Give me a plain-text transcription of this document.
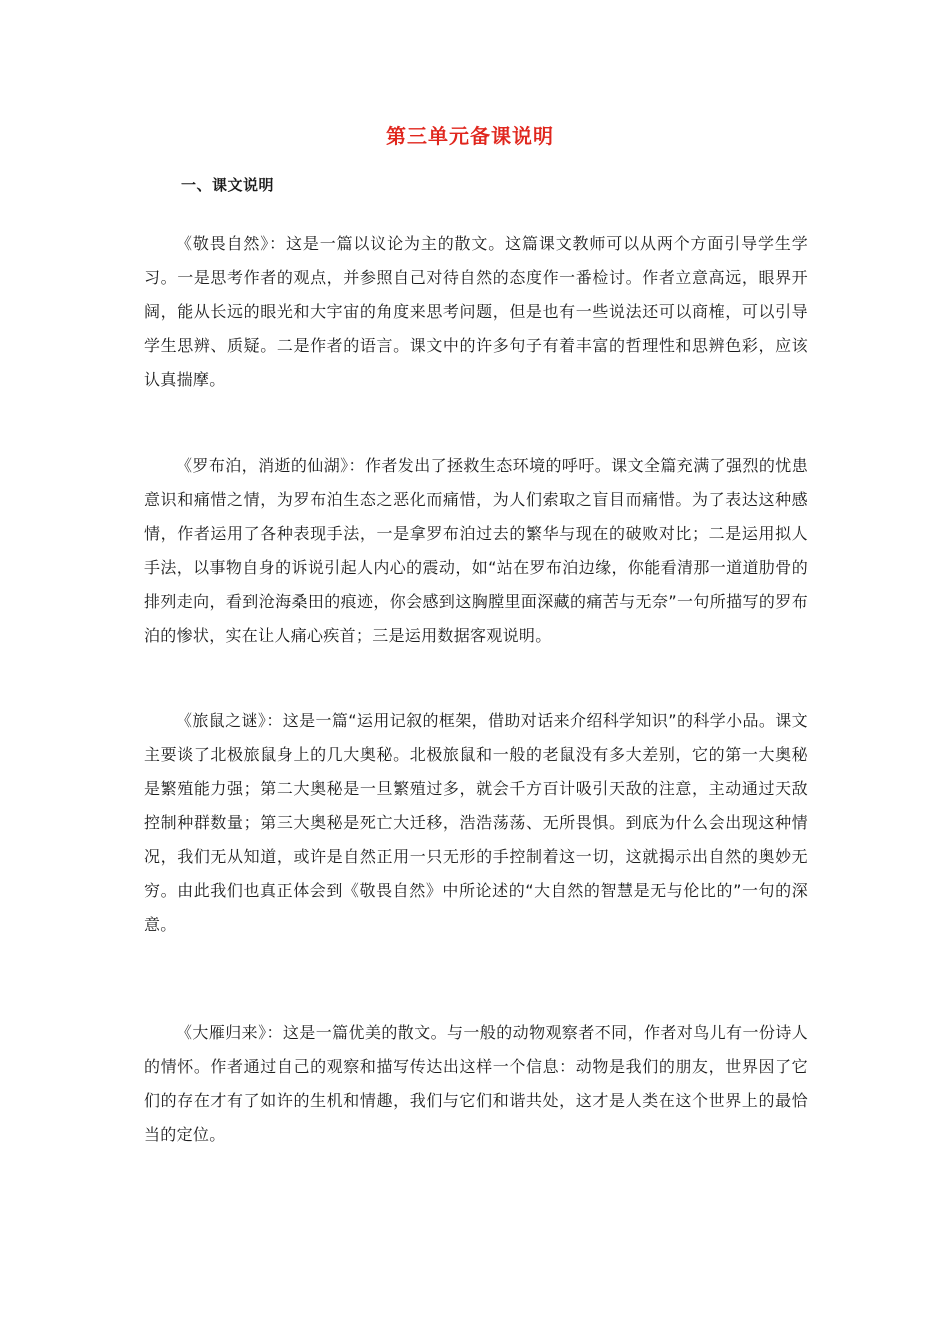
第三单元备课说明
一、课文说明

《敬畏自然》：这是一篇以议论为主的散文。这篇课文教师可以从两个方面引导学生学习。一是思考作者的观点，并参照自己对待自然的态度作一番检讨。作者立意高远，眼界开阔，能从长远的眼光和大宇宙的角度来思考问题，但是也有一些说法还可以商榷，可以引导学生思辨、质疑。二是作者的语言。课文中的许多句子有着丰富的哲理性和思辨色彩，应该认真揣摩。

《罗布泊，消逝的仙湖》：作者发出了拯救生态环境的呼吁。课文全篇充满了强烈的忧患意识和痛惜之情，为罗布泊生态之恶化而痛惜，为人们索取之盲目而痛惜。为了表达这种感情，作者运用了各种表现手法，一是拿罗布泊过去的繁华与现在的破败对比；二是运用拟人手法，以事物自身的诉说引起人内心的震动，如“站在罗布泊边缘，你能看清那一道道肋骨的排列走向，看到沧海桑田的痕迹，你会感到这胸膛里面深藏的痛苦与无奈”一句所描写的罗布泊的惨状，实在让人痛心疾首；三是运用数据客观说明。

《旅鼠之谜》：这是一篇“运用记叙的框架，借助对话来介绍科学知识”的科学小品。课文主要谈了北极旅鼠身上的几大奥秘。北极旅鼠和一般的老鼠没有多大差别，它的第一大奥秘是繁殖能力强；第二大奥秘是一旦繁殖过多，就会千方百计吸引天敌的注意，主动通过天敌控制种群数量；第三大奥秘是死亡大迁移，浩浩荡荡、无所畏惧。到底为什么会出现这种情况，我们无从知道，或许是自然正用一只无形的手控制着这一切，这就揭示出自然的奥妙无穷。由此我们也真正体会到《敬畏自然》中所论述的“大自然的智慧是无与伦比的”一句的深意。

《大雁归来》：这是一篇优美的散文。与一般的动物观察者不同，作者对鸟儿有一份诗人的情怀。作者通过自己的观察和描写传达出这样一个信息：动物是我们的朋友，世界因了它们的存在才有了如许的生机和情趣，我们与它们和谐共处，这才是人类在这个世界上的最恰当的定位。
